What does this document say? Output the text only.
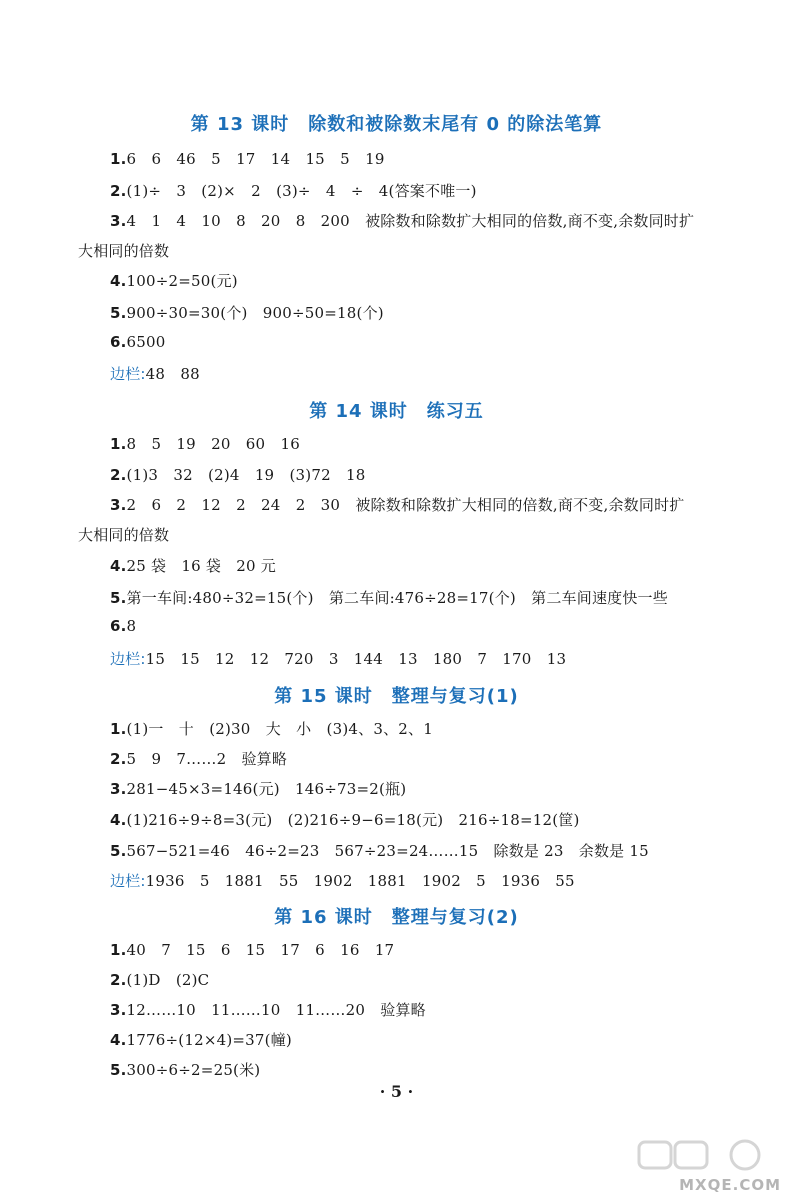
第 13 课时　除数和被除数末尾有 0 的除法笔算
1.6　6　46　5　17　14　15　5　19
2.(1)÷　3　(2)×　2　(3)÷　4　÷　4(答案不唯一)
3.4　1　4　10　8　20　8　200　被除数和除数扩大相同的倍数,商不变,余数同时扩
大相同的倍数
4.100÷2=50(元)
5.900÷30=30(个)　900÷50=18(个)
6.6500
边栏:48　88
第 14 课时　练习五
1.8　5　19　20　60　16
2.(1)3　32　(2)4　19　(3)72　18
3.2　6　2　12　2　24　2　30　被除数和除数扩大相同的倍数,商不变,余数同时扩
大相同的倍数
4.25 袋　16 袋　20 元
5.第一车间:480÷32=15(个)　第二车间:476÷28=17(个)　第二车间速度快一些
6.8
边栏:15　15　12　12　720　3　144　13　180　7　170　13
第 15 课时　整理与复习(1)
1.(1)一　十　(2)30　大　小　(3)4、3、2、1
2.5　9　7……2　验算略
3.281−45×3=146(元)　146÷73=2(瓶)
4.(1)216÷9÷8=3(元)　(2)216÷9−6=18(元)　216÷18=12(筐)
5.567−521=46　46÷2=23　567÷23=24……15　除数是 23　余数是 15
边栏:1936　5　1881　55　1902　1881　1902　5　1936　55
第 16 课时　整理与复习(2)
1.40　7　15　6　15　17　6　16　17
2.(1)D　(2)C
3.12……10　11……10　11……20　验算略
4.1776÷(12×4)=37(幢)
5.300÷6÷2=25(米)
· 5 ·
MXQE.COM
